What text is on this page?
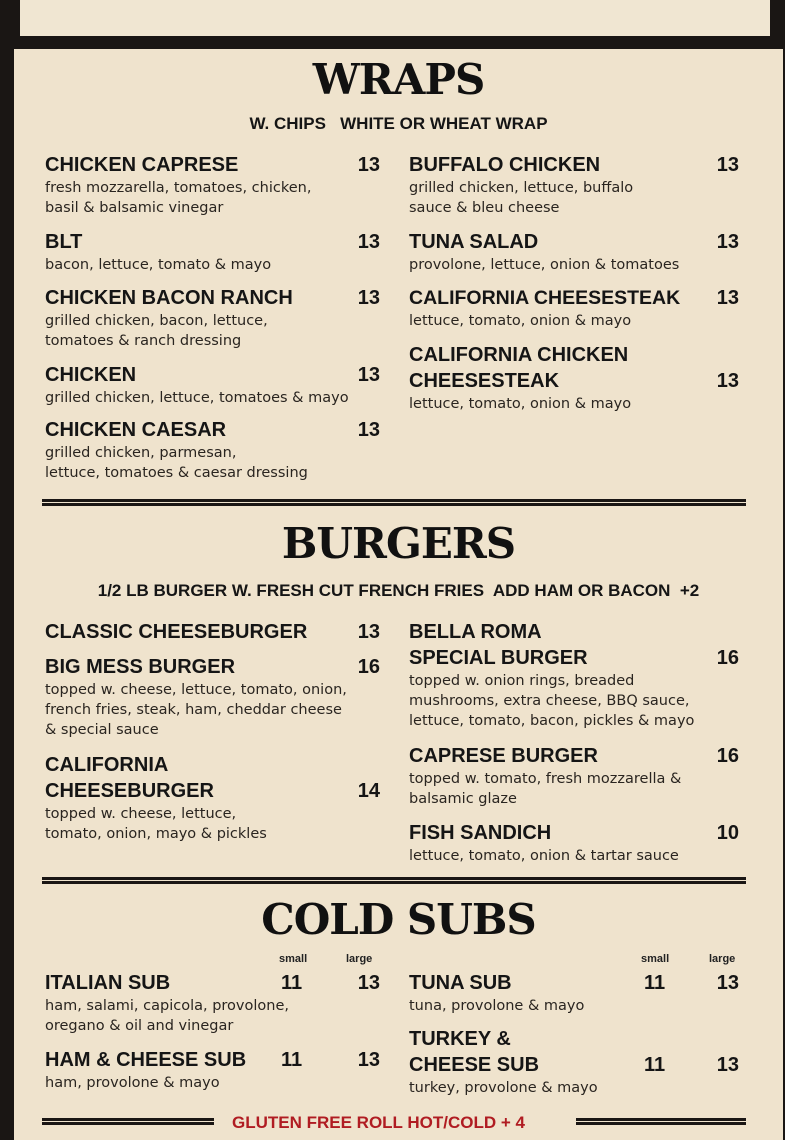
WRAPS
W. CHIPS   WHITE OR WHEAT WRAP
CHICKEN CAPRESE	13
fresh mozzarella, tomatoes, chicken,
basil & balsamic vinegar
BLT	13
bacon, lettuce, tomato & mayo
CHICKEN BACON RANCH	13
grilled chicken, bacon, lettuce,
tomatoes & ranch dressing
CHICKEN	13
grilled chicken, lettuce, tomatoes & mayo
CHICKEN CAESAR	13
grilled chicken, parmesan,
lettuce, tomatoes & caesar dressing
BUFFALO CHICKEN	13
grilled chicken, lettuce, buffalo
sauce & bleu cheese
TUNA SALAD	13
provolone, lettuce, onion & tomatoes
CALIFORNIA CHEESESTEAK	13
lettuce, tomato, onion & mayo
CALIFORNIA CHICKEN
CHEESESTEAK	13
lettuce, tomato, onion & mayo
BURGERS
1/2 LB BURGER W. FRESH CUT FRENCH FRIES  ADD HAM OR BACON  +2
CLASSIC CHEESEBURGER	13
BIG MESS BURGER	16
topped w. cheese, lettuce, tomato, onion,
french fries, steak, ham, cheddar cheese
& special sauce
CALIFORNIA
CHEESEBURGER	14
topped w. cheese, lettuce,
tomato, onion, mayo & pickles
BELLA ROMA
SPECIAL BURGER	16
topped w. onion rings, breaded
mushrooms, extra cheese, BBQ sauce,
lettuce, tomato, bacon, pickles & mayo
CAPRESE BURGER	16
topped w. tomato, fresh mozzarella &
balsamic glaze
FISH SANDICH	10
lettuce, tomato, onion & tartar sauce
COLD SUBS
small	large	small	large
ITALIAN SUB	11	13
ham, salami, capicola, provolone,
oregano & oil and vinegar
HAM & CHEESE SUB	11	13
ham, provolone & mayo
TUNA SUB	11	13
tuna, provolone & mayo
TURKEY &
CHEESE SUB	11	13
turkey, provolone & mayo
GLUTEN FREE ROLL HOT/COLD + 4
